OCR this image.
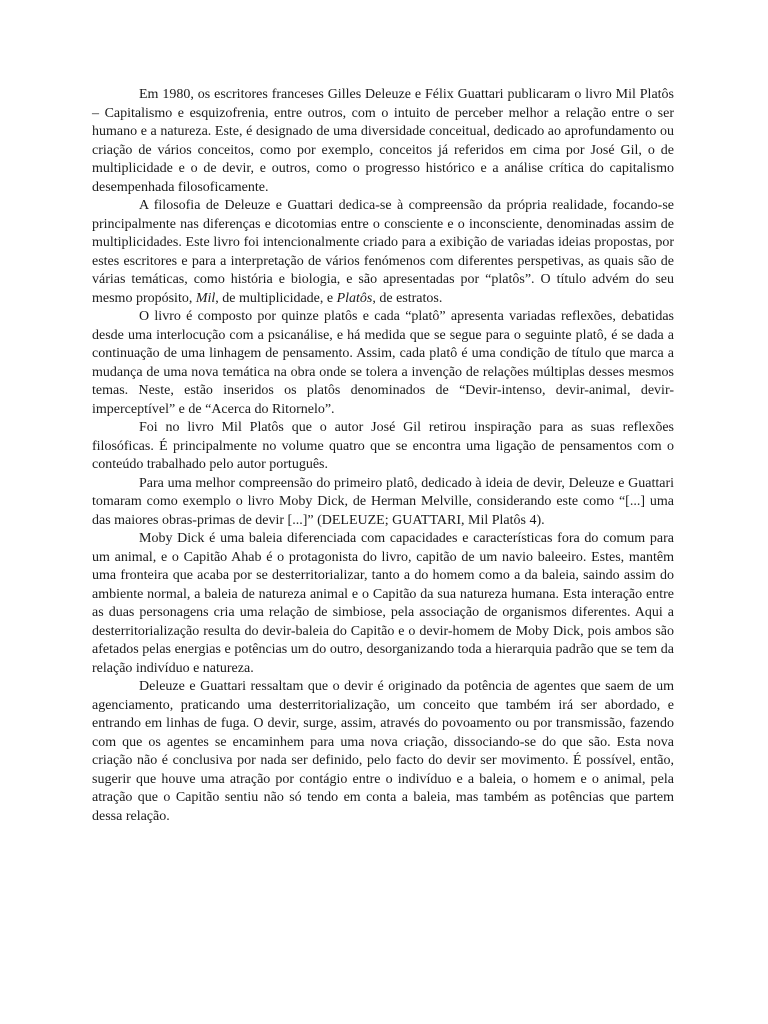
Em 1980, os escritores franceses Gilles Deleuze e Félix Guattari publicaram o livro Mil Platôs – Capitalismo e esquizofrenia, entre outros, com o intuito de perceber melhor a relação entre o ser humano e a natureza. Este, é designado de uma diversidade conceitual, dedicado ao aprofundamento ou criação de vários conceitos, como por exemplo, conceitos já referidos em cima por José Gil, o de multiplicidade e o de devir, e outros, como o progresso histórico e a análise crítica do capitalismo desempenhada filosoficamente.

A filosofia de Deleuze e Guattari dedica-se à compreensão da própria realidade, focando-se principalmente nas diferenças e dicotomias entre o consciente e o inconsciente, denominadas assim de multiplicidades. Este livro foi intencionalmente criado para a exibição de variadas ideias propostas, por estes escritores e para a interpretação de vários fenómenos com diferentes perspetivas, as quais são de várias temáticas, como história e biologia, e são apresentadas por “platôs”. O título advém do seu mesmo propósito, Mil, de multiplicidade, e Platôs, de estratos.

O livro é composto por quinze platôs e cada “platô” apresenta variadas reflexões, debatidas desde uma interlocução com a psicanálise, e há medida que se segue para o seguinte platô, é se dada a continuação de uma linhagem de pensamento. Assim, cada platô é uma condição de título que marca a mudança de uma nova temática na obra onde se tolera a invenção de relações múltiplas desses mesmos temas. Neste, estão inseridos os platôs denominados de “Devir-intenso, devir-animal, devir-imperceptível” e de “Acerca do Ritornelo”.

Foi no livro Mil Platôs que o autor José Gil retirou inspiração para as suas reflexões filosóficas. É principalmente no volume quatro que se encontra uma ligação de pensamentos com o conteúdo trabalhado pelo autor português.

Para uma melhor compreensão do primeiro platô, dedicado à ideia de devir, Deleuze e Guattari tomaram como exemplo o livro Moby Dick, de Herman Melville, considerando este como “[...] uma das maiores obras-primas de devir [...]” (DELEUZE; GUATTARI, Mil Platôs 4).

Moby Dick é uma baleia diferenciada com capacidades e características fora do comum para um animal, e o Capitão Ahab é o protagonista do livro, capitão de um navio baleeiro. Estes, mantêm uma fronteira que acaba por se desterritorializar, tanto a do homem como a da baleia, saindo assim do ambiente normal, a baleia de natureza animal e o Capitão da sua natureza humana. Esta interação entre as duas personagens cria uma relação de simbiose, pela associação de organismos diferentes. Aqui a desterritorialização resulta do devir-baleia do Capitão e o devir-homem de Moby Dick, pois ambos são afetados pelas energias e potências um do outro, desorganizando toda a hierarquia padrão que se tem da relação indivíduo e natureza.

Deleuze e Guattari ressaltam que o devir é originado da potência de agentes que saem de um agenciamento, praticando uma desterritorialização, um conceito que também irá ser abordado, e entrando em linhas de fuga. O devir, surge, assim, através do povoamento ou por transmissão, fazendo com que os agentes se encaminhem para uma nova criação, dissociando-se do que são. Esta nova criação não é conclusiva por nada ser definido, pelo facto do devir ser movimento. É possível, então, sugerir que houve uma atração por contágio entre o indivíduo e a baleia, o homem e o animal, pela atração que o Capitão sentiu não só tendo em conta a baleia, mas também as potências que partem dessa relação.
